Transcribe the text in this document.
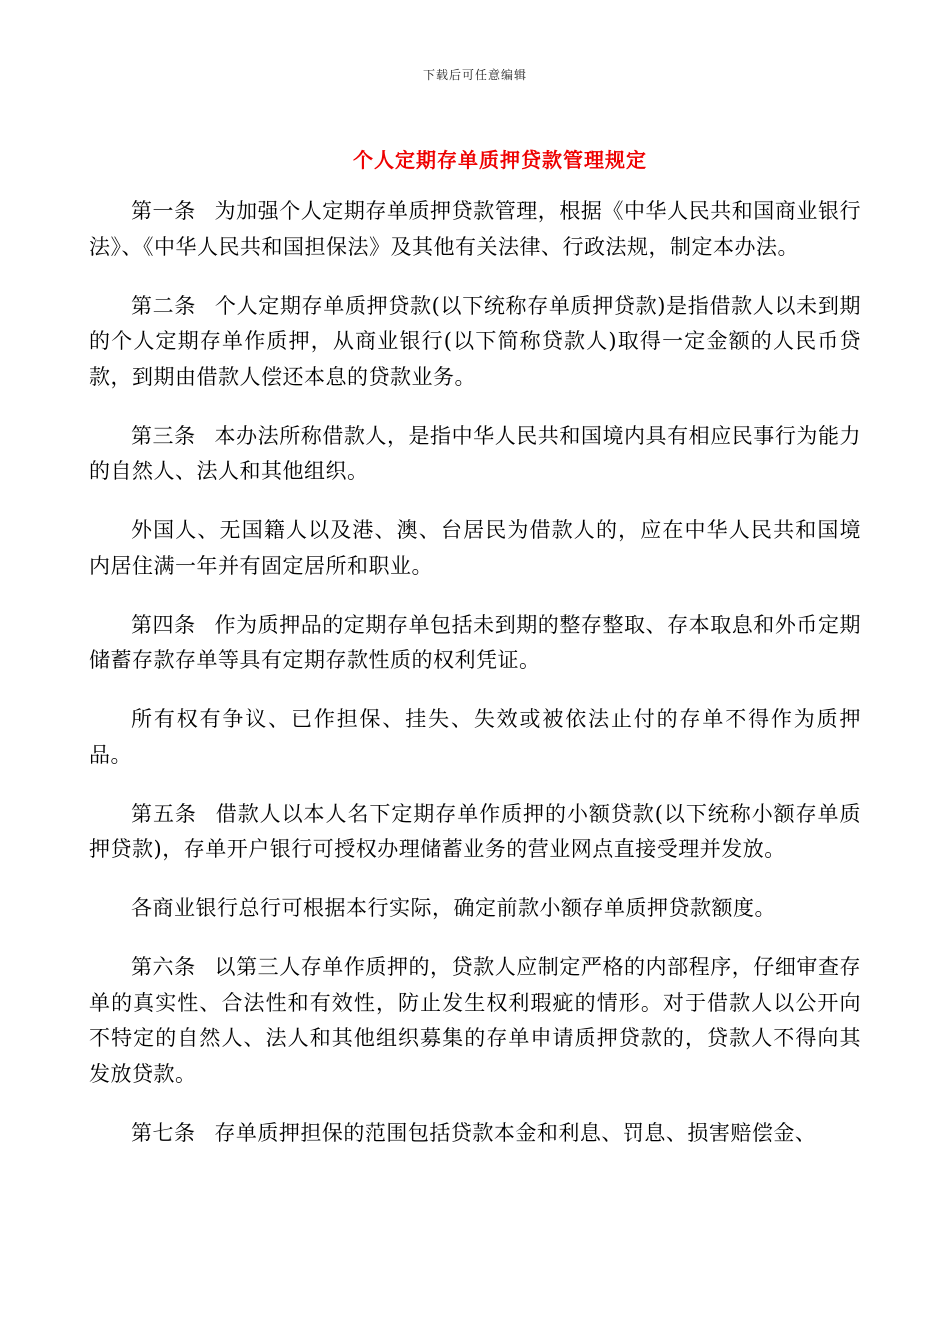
下载后可任意编辑
个人定期存单质押贷款管理规定

第一条 为加强个人定期存单质押贷款管理，根据《中华人民共和国商业银行法》、《中华人民共和国担保法》及其他有关法律、行政法规，制定本办法。

第二条 个人定期存单质押贷款(以下统称存单质押贷款)是指借款人以未到期的个人定期存单作质押，从商业银行(以下简称贷款人)取得一定金额的人民币贷款，到期由借款人偿还本息的贷款业务。

第三条 本办法所称借款人，是指中华人民共和国境内具有相应民事行为能力的自然人、法人和其他组织。

外国人、无国籍人以及港、澳、台居民为借款人的，应在中华人民共和国境内居住满一年并有固定居所和职业。

第四条 作为质押品的定期存单包括未到期的整存整取、存本取息和外币定期储蓄存款存单等具有定期存款性质的权利凭证。

所有权有争议、已作担保、挂失、失效或被依法止付的存单不得作为质押品。

第五条 借款人以本人名下定期存单作质押的小额贷款(以下统称小额存单质押贷款)，存单开户银行可授权办理储蓄业务的营业网点直接受理并发放。

各商业银行总行可根据本行实际，确定前款小额存单质押贷款额度。

第六条 以第三人存单作质押的，贷款人应制定严格的内部程序，仔细审查存单的真实性、合法性和有效性，防止发生权利瑕疵的情形。对于借款人以公开向不特定的自然人、法人和其他组织募集的存单申请质押贷款的，贷款人不得向其发放贷款。

第七条 存单质押担保的范围包括贷款本金和利息、罚息、损害赔偿金、
